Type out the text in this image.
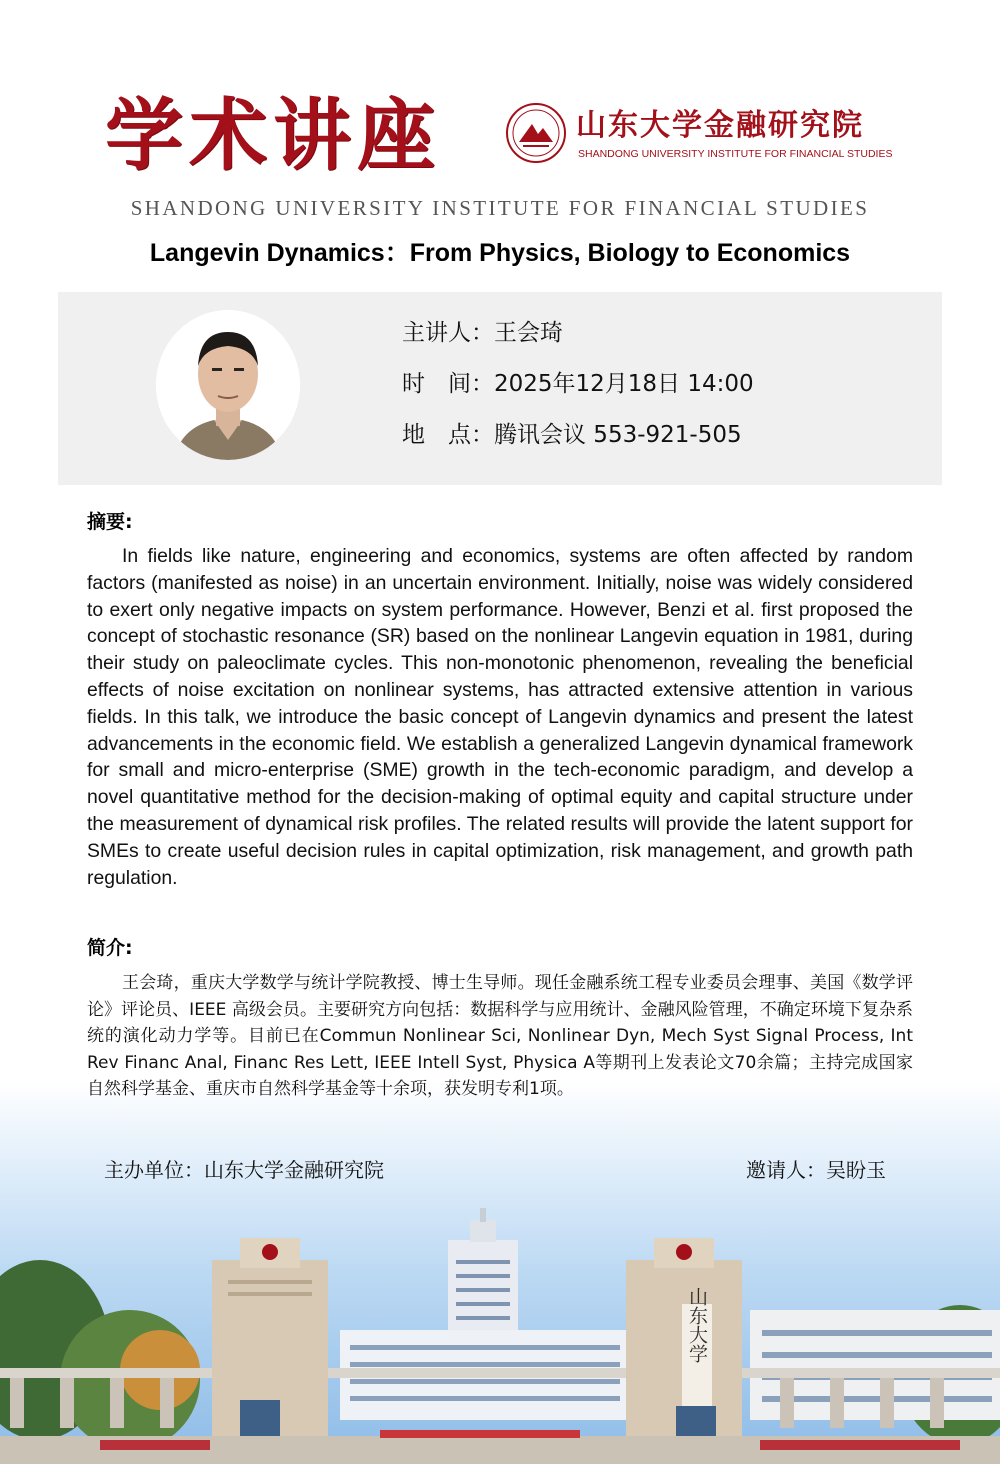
学术讲座	山东大学金融研究院
SHANDONG UNIVERSITY INSTITUTE FOR FINANCIAL STUDIES
SHANDONG UNIVERSITY INSTITUTE FOR FINANCIAL STUDIES
Langevin Dynamics：From Physics, Biology to Economics
主讲人：王会琦
时　间：2025年12月18日 14:00
地　点：腾讯会议 553-921-505
摘要:
In fields like nature, engineering and economics, systems are often affected by random factors (manifested as noise) in an uncertain environment. Initially, noise was widely considered to exert only negative impacts on system performance. However, Benzi et al. first proposed the concept of stochastic resonance (SR) based on the nonlinear Langevin equation in 1981, during their study on paleoclimate cycles. This non-monotonic phenomenon, revealing the beneficial effects of noise excitation on nonlinear systems, has attracted extensive attention in various fields. In this talk, we introduce the basic concept of Langevin dynamics and present the latest advancements in the economic field. We establish a generalized Langevin dynamical framework for small and micro-enterprise (SME) growth in the tech-economic paradigm, and develop a novel quantitative method for the decision-making of optimal equity and capital structure under the measurement of dynamical risk profiles. The related results will provide the latent support for SMEs to create useful decision rules in capital optimization, risk management, and growth path regulation.
简介:
王会琦，重庆大学数学与统计学院教授、博士生导师。现任金融系统工程专业委员会理事、美国《数学评论》评论员、IEEE 高级会员。主要研究方向包括：数据科学与应用统计、金融风险管理，不确定环境下复杂系统的演化动力学等。目前已在Commun Nonlinear Sci, Nonlinear Dyn, Mech Syst Signal Process, Int Rev Financ Anal, Financ Res Lett, IEEE Intell Syst, Physica A等期刊上发表论文70余篇；主持完成国家自然科学基金、重庆市自然科学基金等十余项，获发明专利1项。
主办单位：山东大学金融研究院	邀请人：吴盼玉
山东大学
